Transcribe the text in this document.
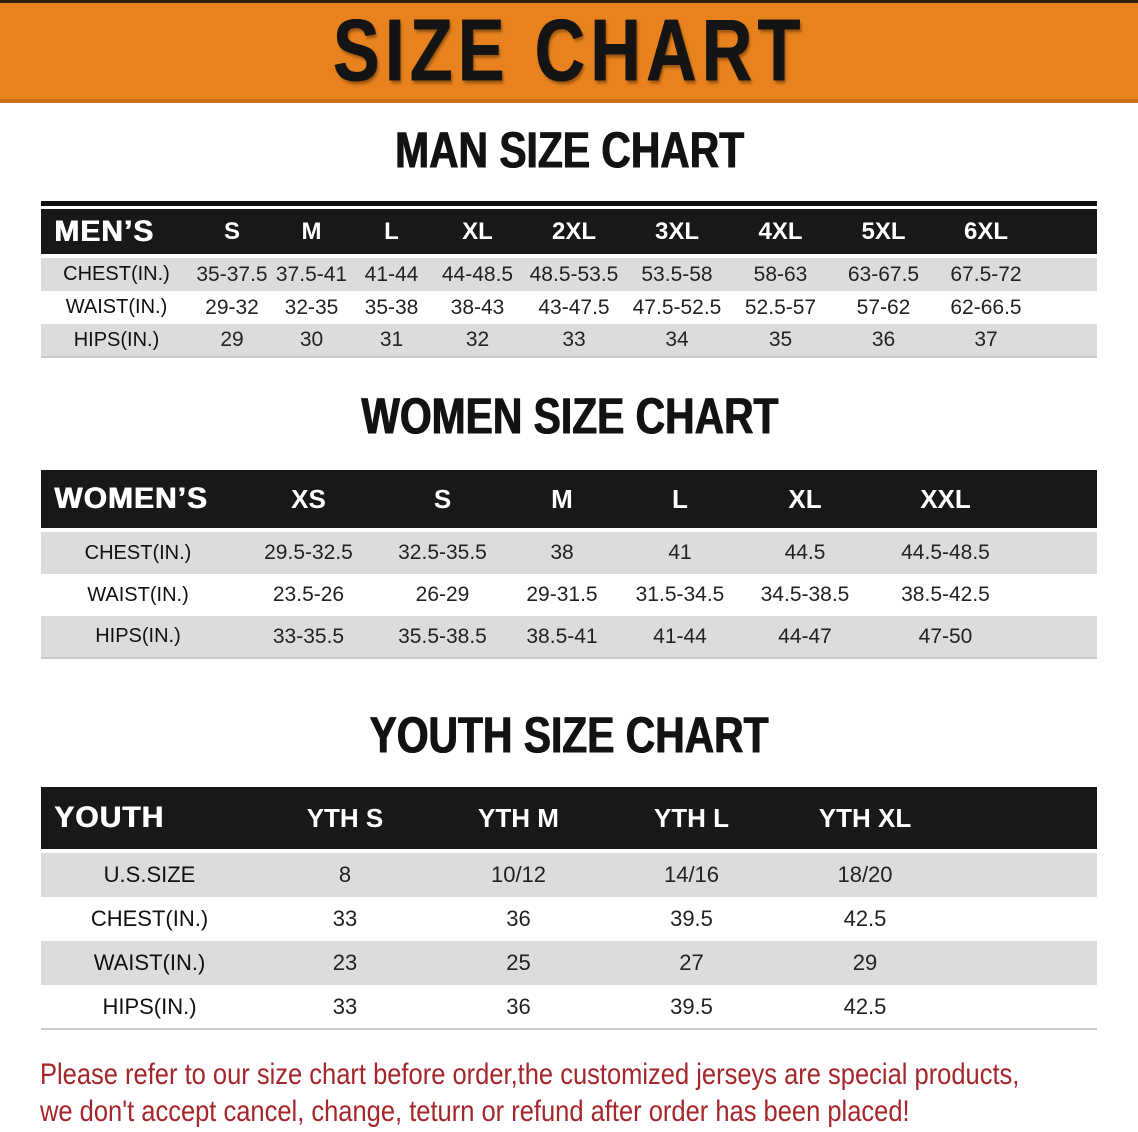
SIZE CHART
MAN SIZE CHART
MEN’S	S	M	L	XL	2XL	3XL	4XL	5XL	6XL	

CHEST(IN.)	35-37.5	37.5-41	41-44	44-48.5	48.5-53.5	53.5-58	58-63	63-67.5	67.5-72	
WAIST(IN.)	29-32	32-35	35-38	38-43	43-47.5	47.5-52.5	52.5-57	57-62	62-66.5	
HIPS(IN.)	29	30	31	32	33	34	35	36	37	
WOMEN SIZE CHART
WOMEN’S	XS	S	M	L	XL	XXL	

CHEST(IN.)	29.5-32.5	32.5-35.5	38	41	44.5	44.5-48.5	
WAIST(IN.)	23.5-26	26-29	29-31.5	31.5-34.5	34.5-38.5	38.5-42.5	
HIPS(IN.)	33-35.5	35.5-38.5	38.5-41	41-44	44-47	47-50	
YOUTH SIZE CHART
YOUTH	YTH S	YTH M	YTH L	YTH XL	

U.S.SIZE	8	10/12	14/16	18/20	
CHEST(IN.)	33	36	39.5	42.5	
WAIST(IN.)	23	25	27	29	
HIPS(IN.)	33	36	39.5	42.5	
Please refer to our size chart before order,the customized jerseys are special products,
we don't accept cancel, change, teturn or refund after order has been placed!
